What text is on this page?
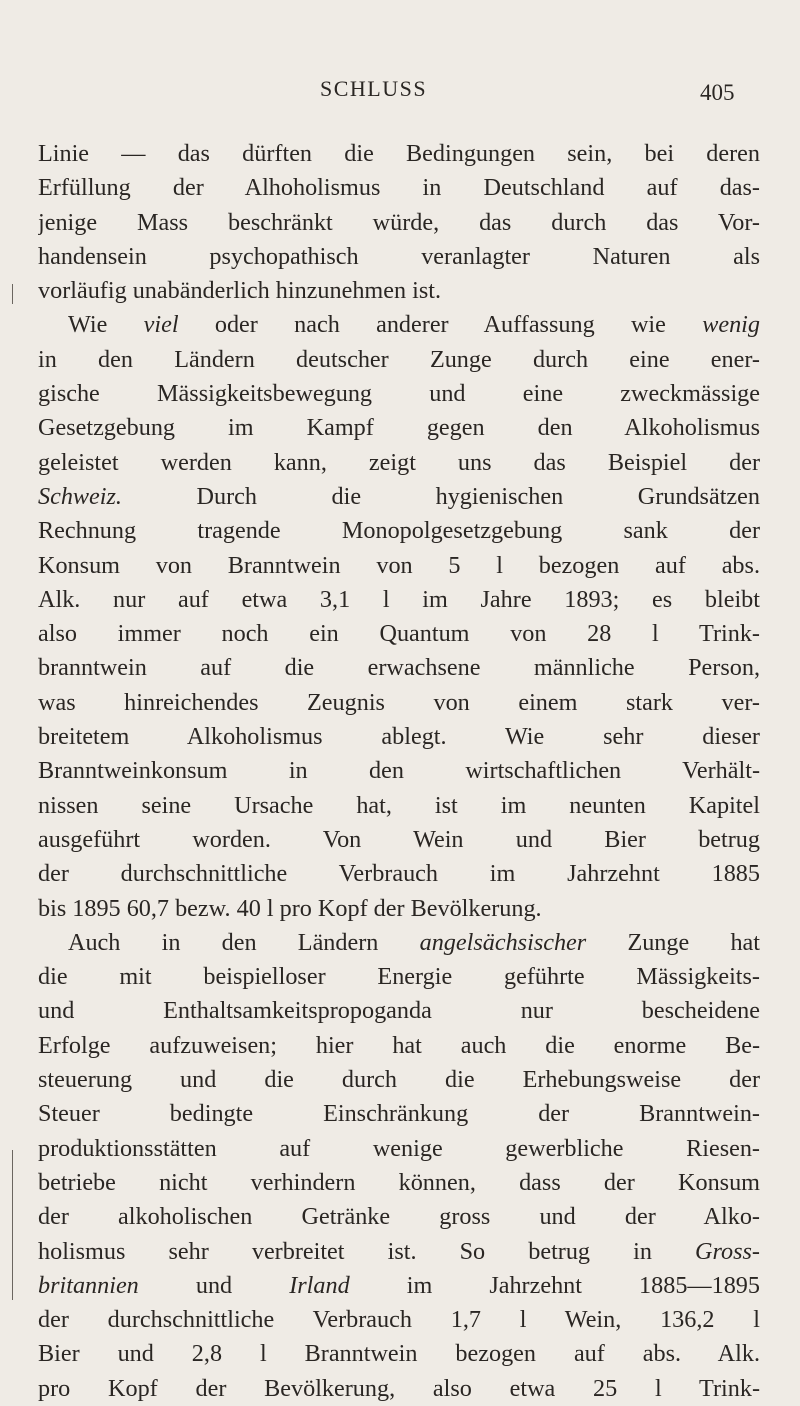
SCHLUSS	405
Linie — das dürften die Bedingungen sein, bei deren
Erfüllung der Alhoholismus in Deutschland auf das-
jenige Mass beschränkt würde, das durch das Vor-
handensein psychopathisch veranlagter Naturen als
vorläufig unabänderlich hinzunehmen ist.
Wie viel oder nach anderer Auffassung wie wenig
in den Ländern deutscher Zunge durch eine ener-
gische Mässigkeitsbewegung und eine zweckmässige
Gesetzgebung im Kampf gegen den Alkoholismus
geleistet werden kann, zeigt uns das Beispiel der
Schweiz. Durch die hygienischen Grundsätzen
Rechnung tragende Monopolgesetzgebung sank der
Konsum von Branntwein von 5 l bezogen auf abs.
Alk. nur auf etwa 3,1 l im Jahre 1893; es bleibt
also immer noch ein Quantum von 28 l Trink-
branntwein auf die erwachsene männliche Person,
was hinreichendes Zeugnis von einem stark ver-
breitetem Alkoholismus ablegt. Wie sehr dieser
Branntweinkonsum in den wirtschaftlichen Verhält-
nissen seine Ursache hat, ist im neunten Kapitel
ausgeführt worden. Von Wein und Bier betrug
der durchschnittliche Verbrauch im Jahrzehnt 1885
bis 1895 60,7 bezw. 40 l pro Kopf der Bevölkerung.
Auch in den Ländern angelsächsischer Zunge hat
die mit beispielloser Energie geführte Mässigkeits-
und Enthaltsamkeitspropoganda nur bescheidene
Erfolge aufzuweisen; hier hat auch die enorme Be-
steuerung und die durch die Erhebungsweise der
Steuer bedingte Einschränkung der Branntwein-
produktionsstätten auf wenige gewerbliche Riesen-
betriebe nicht verhindern können, dass der Konsum
der alkoholischen Getränke gross und der Alko-
holismus sehr verbreitet ist. So betrug in Gross-
britannien und Irland im Jahrzehnt 1885—1895
der durchschnittliche Verbrauch 1,7 l Wein, 136,2 l
Bier und 2,8 l Branntwein bezogen auf abs. Alk.
pro Kopf der Bevölkerung, also etwa 25 l Trink-
